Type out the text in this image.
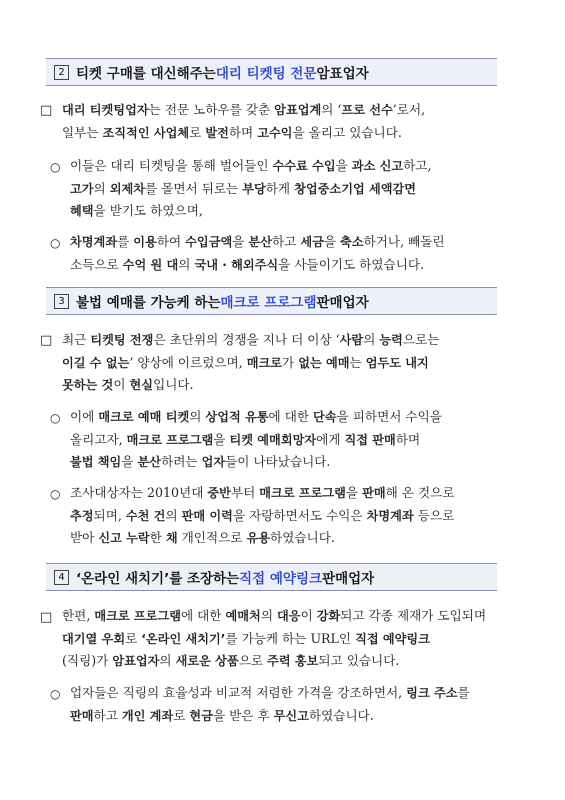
2 티켓 구매를 대신해주는 대리 티켓팅 전문 암표업자
□ 대리 티켓팅업자는 전문 노하우를 갖춘 암표업계의 ‘프로 선수’로서,
일부는 조직적인 사업체로 발전하며 고수익을 올리고 있습니다.
○ 이들은 대리 티켓팅을 통해 벌어들인 수수료 수입을 과소 신고하고,
고가의 외제차를 몰면서 뒤로는 부당하게 창업중소기업 세액감면
혜택을 받기도 하였으며,
○ 차명계좌를 이용하여 수입금액을 분산하고 세금을 축소하거나, 빼돌린
소득으로 수억 원 대의 국내 · 해외주식을 사들이기도 하였습니다.
3 불법 예매를 가능케 하는 매크로 프로그램 판매업자
□ 최근 티켓팅 전쟁은 초단위의 경쟁을 지나 더 이상 ‘사람의 능력으로는
이길 수 없는’ 양상에 이르렀으며, 매크로가 없는 예매는 엄두도 내지
못하는 것이 현실입니다.
○ 이에 매크로 예매 티켓의 상업적 유통에 대한 단속을 피하면서 수익을
올리고자, 매크로 프로그램을 티켓 예매회망자에게 직접 판매하며
불법 책임을 분산하려는 업자들이 나타났습니다.
○ 조사대상자는 2010년대 중반부터 매크로 프로그램을 판매해 온 것으로
추정되며, 수천 건의 판매 이력을 자랑하면서도 수익은 차명계좌 등으로
받아 신고 누락한 채 개인적으로 유용하였습니다.
4 ‘온라인 새치기’를 조장하는 직접 예약링크 판매업자
□ 한편, 매크로 프로그램에 대한 예매처의 대응이 강화되고 각종 제재가 도입되며
대기열 우회로 ‘온라인 새치기’를 가능케 하는 URL인 직접 예약링크
(직링)가 암표업자의 새로운 상품으로 주력 홍보되고 있습니다.
○ 업자들은 직링의 효율성과 비교적 저렴한 가격을 강조하면서, 링크 주소를
판매하고 개인 계좌로 현금을 받은 후 무신고하였습니다.
